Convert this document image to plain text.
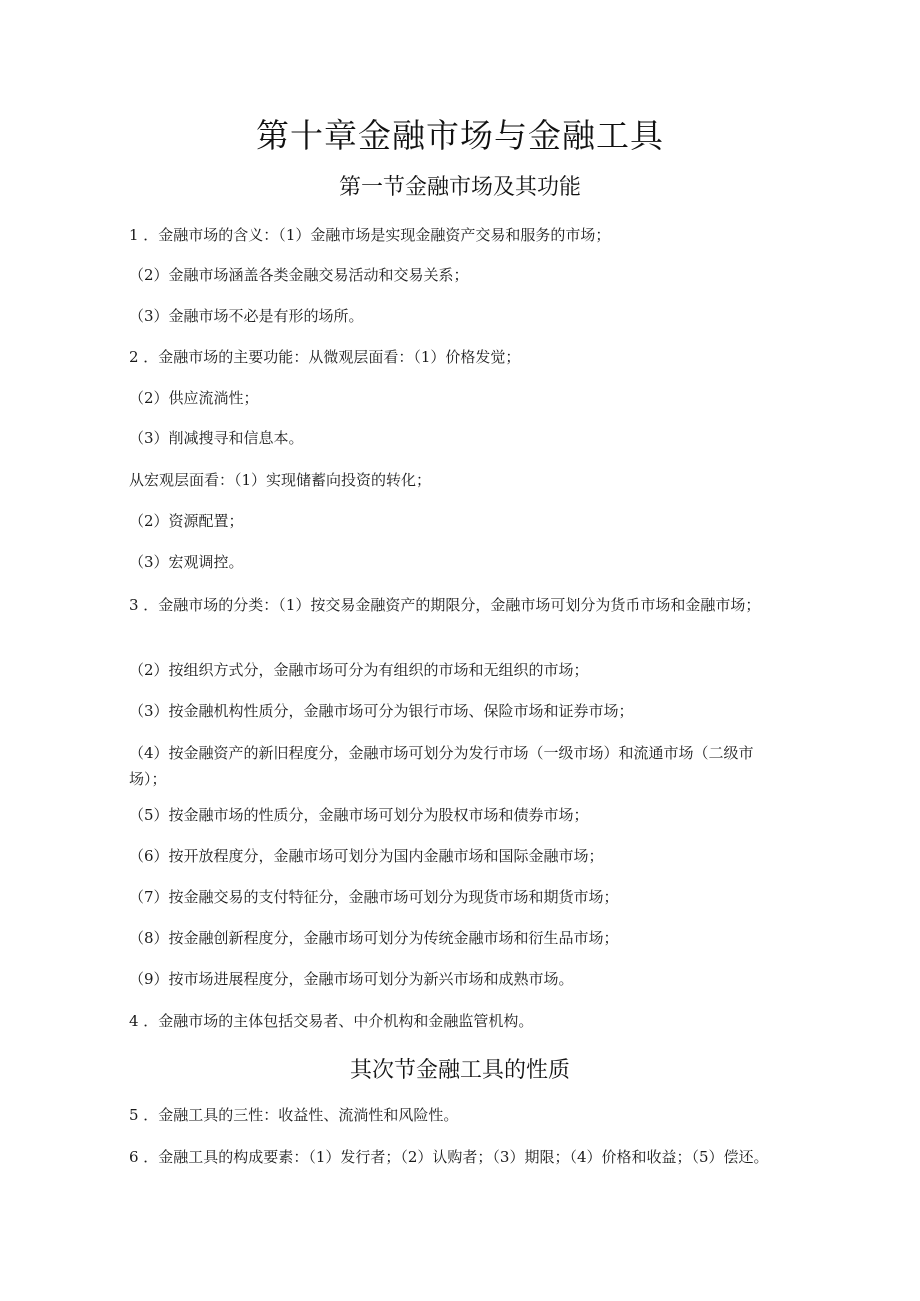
第十章金融市场与金融工具
第一节金融市场及其功能
1 ．金融市场的含义：（1）金融市场是实现金融资产交易和服务的市场；
（2）金融市场涵盖各类金融交易活动和交易关系；
（3）金融市场不必是有形的场所。
2 ．金融市场的主要功能：从微观层面看：（1）价格发觉；
（2）供应流淌性；
（3）削减搜寻和信息本。
从宏观层面看：（1）实现储蓄向投资的转化；
（2）资源配置；
（3）宏观调控。
3 ．金融市场的分类：（1）按交易金融资产的期限分，金融市场可划分为货币市场和金融市场；
（2）按组织方式分，金融市场可分为有组织的市场和无组织的市场；
（3）按金融机构性质分，金融市场可分为银行市场、保险市场和证券市场；
（4）按金融资产的新旧程度分，金融市场可划分为发行市场（一级市场）和流通市场（二级市场）；
（5）按金融市场的性质分，金融市场可划分为股权市场和债券市场；
（6）按开放程度分，金融市场可划分为国内金融市场和国际金融市场；
（7）按金融交易的支付特征分，金融市场可划分为现货市场和期货市场；
（8）按金融创新程度分，金融市场可划分为传统金融市场和衍生品市场；
（9）按市场进展程度分，金融市场可划分为新兴市场和成熟市场。
4 ．金融市场的主体包括交易者、中介机构和金融监管机构。
其次节金融工具的性质
5 ．金融工具的三性：收益性、流淌性和风险性。
6 ．金融工具的构成要素：（1）发行者；（2）认购者；（3）期限；（4）价格和收益；（5）偿还。
